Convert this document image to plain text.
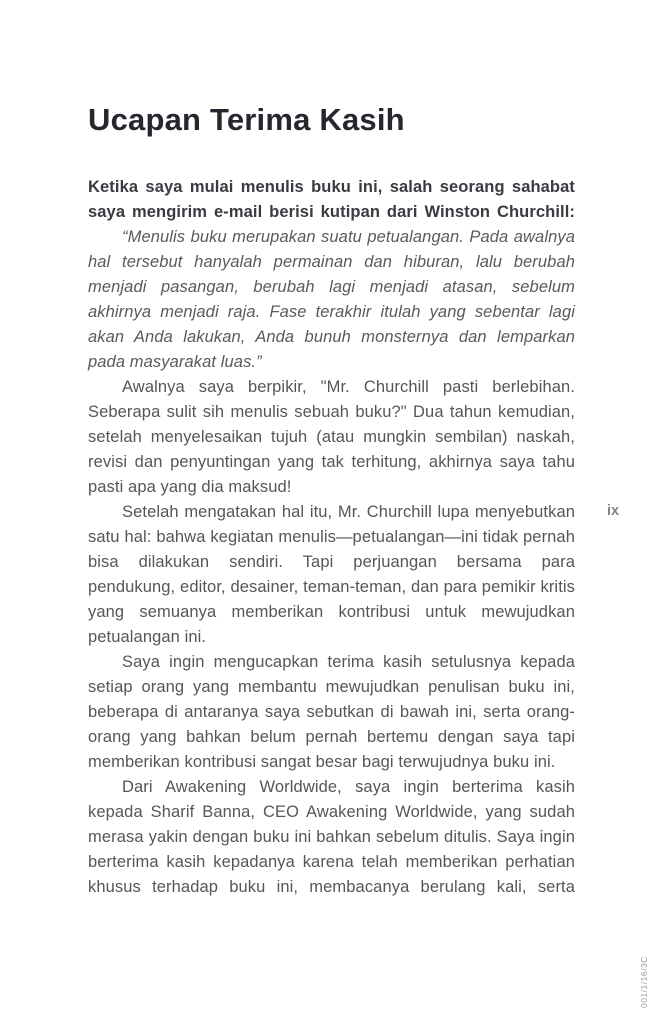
Ucapan Terima Kasih

Ketika saya mulai menulis buku ini, salah seorang sahabat saya mengirim e-mail berisi kutipan dari Winston Churchill:

“Menulis buku merupakan suatu petualangan. Pada awalnya hal tersebut hanyalah permainan dan hiburan, lalu berubah menjadi pasangan, berubah lagi menjadi atasan, sebelum akhirnya menjadi raja. Fase terakhir itulah yang sebentar lagi akan Anda lakukan, Anda bunuh monsternya dan lemparkan pada masyarakat luas.”

Awalnya saya berpikir, "Mr. Churchill pasti berlebihan. Seberapa sulit sih menulis sebuah buku?" Dua tahun kemudian, setelah menyelesaikan tujuh (atau mungkin sembilan) naskah, revisi dan penyuntingan yang tak terhitung, akhirnya saya tahu pasti apa yang dia maksud!

Setelah mengatakan hal itu, Mr. Churchill lupa menyebutkan satu hal: bahwa kegiatan menulis—petualangan—ini tidak pernah bisa dilakukan sendiri. Tapi perjuangan bersama para pendukung, editor, desainer, teman-teman, dan para pemikir kritis yang semuanya memberikan kontribusi untuk mewujudkan petualangan ini.

Saya ingin mengucapkan terima kasih setulusnya kepada setiap orang yang membantu mewujudkan penulisan buku ini, beberapa di antaranya saya sebutkan di bawah ini, serta orang-orang yang bahkan belum pernah bertemu dengan saya tapi memberikan kontribusi sangat besar bagi terwujudnya buku ini.

Dari Awakening Worldwide, saya ingin berterima kasih kepada Sharif Banna, CEO Awakening Worldwide, yang sudah merasa yakin dengan buku ini bahkan sebelum ditulis. Saya ingin berterima kasih kepadanya karena telah memberikan perhatian khusus terhadap buku ini, membacanya berulang kali, serta

ix
001/1/16/3C
